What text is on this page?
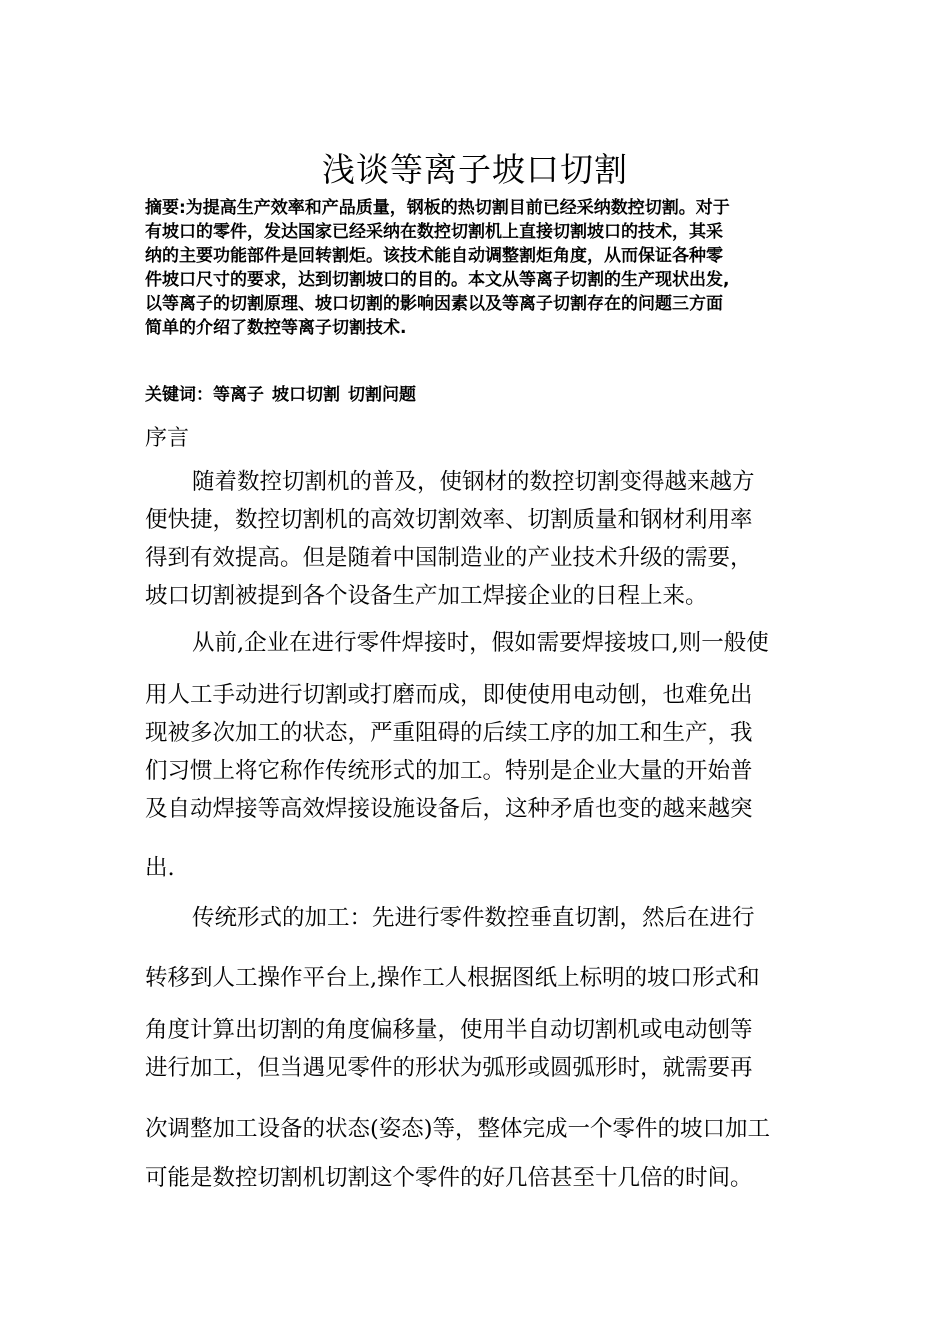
浅谈等离子坡口切割
摘要:为提高生产效率和产品质量，钢板的热切割目前已经采纳数控切割。对于
有坡口的零件，发达国家已经采纳在数控切割机上直接切割坡口的技术，其采
纳的主要功能部件是回转割炬。该技术能自动调整割炬角度，从而保证各种零
件坡口尺寸的要求，达到切割坡口的目的。本文从等离子切割的生产现状出发,
以等离子的切割原理、坡口切割的影响因素以及等离子切割存在的问题三方面
简单的介绍了数控等离子切割技术.
关键词：等离子 坡口切割 切割问题
序言
随着数控切割机的普及，使钢材的数控切割变得越来越方
便快捷，数控切割机的高效切割效率、切割质量和钢材利用率
得到有效提高。但是随着中国制造业的产业技术升级的需要，
坡口切割被提到各个设备生产加工焊接企业的日程上来。
从前,企业在进行零件焊接时，假如需要焊接坡口,则一般使
用人工手动进行切割或打磨而成，即使使用电动刨，也难免出
现被多次加工的状态，严重阻碍的后续工序的加工和生产，我
们习惯上将它称作传统形式的加工。特别是企业大量的开始普
及自动焊接等高效焊接设施设备后，这种矛盾也变的越来越突
出.
传统形式的加工：先进行零件数控垂直切割，然后在进行
转移到人工操作平台上,操作工人根据图纸上标明的坡口形式和
角度计算出切割的角度偏移量，使用半自动切割机或电动刨等
进行加工，但当遇见零件的形状为弧形或圆弧形时，就需要再
次调整加工设备的状态(姿态)等，整体完成一个零件的坡口加工
可能是数控切割机切割这个零件的好几倍甚至十几倍的时间。
